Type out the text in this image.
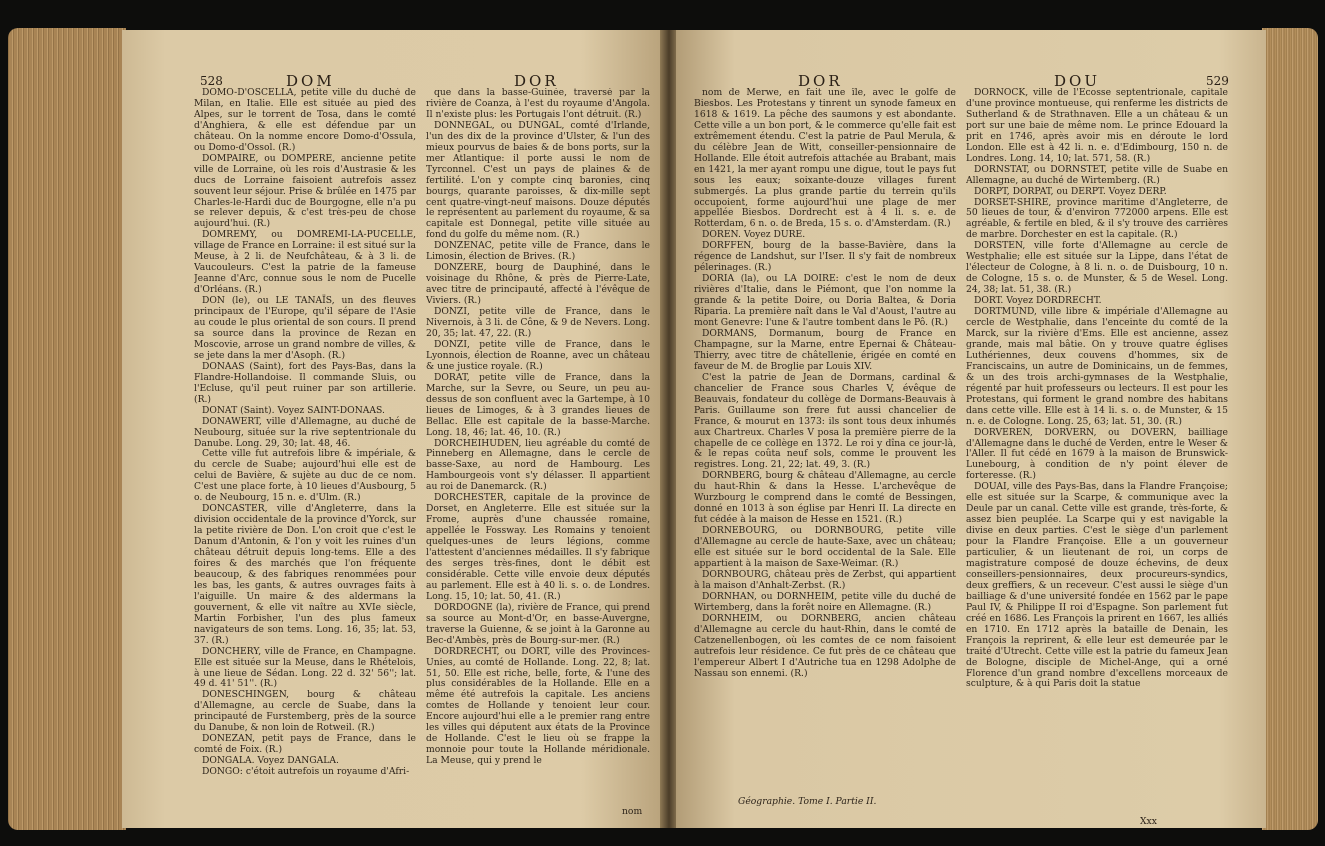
528	DOM	DOR

DOMO-D'OSCELLA, petite ville du duché de Milan, en Italie. Elle est située au pied des Alpes, sur le torrent de Tosa, dans le comté d'Anghiera, & elle est défendue par un château. On la nomme encore Domo-d'Ossula, ou Domo-d'Ossol. (R.)

DOMPAIRE, ou DOMPERE, ancienne petite ville de Lorraine, où les rois d'Austrasie & les ducs de Lorraine faisoient autrefois assez souvent leur séjour. Prise & brûlée en 1475 par Charles-le-Hardi duc de Bourgogne, elle n'a pu se relever depuis, & c'est très-peu de chose aujourd'hui. (R.)

DOMREMY, ou DOMREMI-LA-PUCELLE, village de France en Lorraine: il est situé sur la Meuse, à 2 li. de Neufchâteau, & à 3 li. de Vaucouleurs. C'est la patrie de la fameuse Jeanne d'Arc, connue sous le nom de Pucelle d'Orléans. (R.)

DON (le), ou LE TANAÏS, un des fleuves principaux de l'Europe, qu'il sépare de l'Asie au coude le plus oriental de son cours. Il prend sa source dans la province de Rezan en Moscovie, arrose un grand nombre de villes, & se jete dans la mer d'Asoph. (R.)

DONAAS (Saint), fort des Pays-Bas, dans la Flandre-Hollandoise. Il commande Sluis, ou l'Ecluse, qu'il peut ruiner par son artillerie. (R.)

DONAT (Saint). Voyez SAINT-DONAAS.

DONAWERT, ville d'Allemagne, au duché de Neubourg, située sur la rive septentrionale du Danube. Long. 29, 30; lat. 48, 46.

Cette ville fut autrefois libre & impériale, & du cercle de Suabe; aujourd'hui elle est de celui de Bavière, & sujète au duc de ce nom. C'est une place forte, à 10 lieues d'Ausbourg, 5 o. de Neubourg, 15 n. e. d'Ulm. (R.)

DONCASTER, ville d'Angleterre, dans la division occidentale de la province d'Yorck, sur la petite rivière de Don. L'on croit que c'est le Danum d'Antonin, & l'on y voit les ruines d'un château détruit depuis long-tems. Elle a des foires & des marchés que l'on fréquente beaucoup, & des fabriques renommées pour les bas, les gants, & autres ouvrages faits à l'aiguille. Un maire & des aldermans la gouvernent, & elle vit naître au XVIe siècle, Martin Forbisher, l'un des plus fameux navigateurs de son tems. Long. 16, 35; lat. 53, 37. (R.)

DONCHERY, ville de France, en Champagne. Elle est située sur la Meuse, dans le Rhételois, à une lieue de Sédan. Long. 22 d. 32' 56''; lat. 49 d. 41' 51''. (R.)

DONESCHINGEN, bourg & château d'Allemagne, au cercle de Suabe, dans la principauté de Furstemberg, près de la source du Danube, & non loin de Rotweil. (R.)

DONEZAN, petit pays de France, dans le comté de Foix. (R.)

DONGALA. Voyez DANGALA.

DONGO: c'étoit autrefois un royaume d'Afri-

que dans la basse-Guinée, traversé par la rivière de Coanza, à l'est du royaume d'Angola. Il n'existe plus: les Portugais l'ont détruit. (R.)

DONNEGAL, ou DUNGAL, comté d'Irlande, l'un des dix de la province d'Ulster, & l'un des mieux pourvus de baies & de bons ports, sur la mer Atlantique: il porte aussi le nom de Tyrconnel. C'est un pays de plaines & de fertilité. L'on y compte cinq baronies, cinq bourgs, quarante paroisses, & dix-mille sept cent quatre-vingt-neuf maisons. Douze députés le représentent au parlement du royaume, & sa capitale est Donnegal, petite ville située au fond du golfe du même nom. (R.)

DONZENAC, petite ville de France, dans le Limosin, élection de Brives. (R.)

DONZERE, bourg de Dauphiné, dans le voisinage du Rhône, & près de Pierre-Late, avec titre de principauté, affecté à l'évêque de Viviers. (R.)

DONZI, petite ville de France, dans le Nivernois, à 3 li. de Cône, & 9 de Nevers. Long. 20, 35; lat. 47, 22. (R.)

DONZI, petite ville de France, dans le Lyonnois, élection de Roanne, avec un château & une justice royale. (R.)

DORAT, petite ville de France, dans la Marche, sur la Sevre, ou Seure, un peu au-dessus de son confluent avec la Gartempe, à 10 lieues de Limoges, & à 3 grandes lieues de Bellac. Elle est capitale de la basse-Marche. Long. 18, 46; lat. 46, 10. (R.)

DORCHEIHUDEN, lieu agréable du comté de Pinneberg en Allemagne, dans le cercle de basse-Saxe, au nord de Hambourg. Les Hambourgeois vont s'y délasser. Il appartient au roi de Danemarck. (R.)

DORCHESTER, capitale de la province de Dorset, en Angleterre. Elle est située sur la Frome, auprès d'une chaussée romaine, appellée le Fossway. Les Romains y tenoient quelques-unes de leurs légions, comme l'attestent d'anciennes médailles. Il s'y fabrique des serges très-fines, dont le débit est considérable. Cette ville envoie deux députés au parlement. Elle est à 40 li. s. o. de Londres. Long. 15, 10; lat. 50, 41. (R.)

DORDOGNE (la), rivière de France, qui prend sa source au Mont-d'Or, en basse-Auvergne, traverse la Guienne, & se joint à la Garonne au Bec-d'Ambès, près de Bourg-sur-mer. (R.)

DORDRECHT, ou DORT, ville des Provinces-Unies, au comté de Hollande. Long. 22, 8; lat. 51, 50. Elle est riche, belle, forte, & l'une des plus considérables de la Hollande. Elle en a même été autrefois la capitale. Les anciens comtes de Hollande y tenoient leur cour. Encore aujourd'hui elle a le premier rang entre les villes qui députent aux états de la Province de Hollande. C'est le lieu où se frappe la monnoie pour toute la Hollande méridionale. La Meuse, qui y prend le

nom
DOR	DOU	529

nom de Merwe, en fait une île, avec le golfe de Biesbos. Les Protestans y tinrent un synode fameux en 1618 & 1619. La pêche des saumons y est abondante. Cette ville a un bon port, & le commerce qu'elle fait est extrêmement étendu. C'est la patrie de Paul Merula, & du célèbre Jean de Witt, conseiller-pensionnaire de Hollande. Elle étoit autrefois attachée au Brabant, mais en 1421, la mer ayant rompu une digue, tout le pays fut sous les eaux; soixante-douze villages furent submergés. La plus grande partie du terrein qu'ils occupoient, forme aujourd'hui une plage de mer appellée Biesbos. Dordrecht est à 4 li. s. e. de Rotterdam, 6 n. o. de Breda, 15 s. o. d'Amsterdam. (R.)

DOREN. Voyez DURE.

DORFFEN, bourg de la basse-Bavière, dans la régence de Landshut, sur l'Iser. Il s'y fait de nombreux pélerinages. (R.)

DORIA (la), ou LA DOIRE: c'est le nom de deux rivières d'Italie, dans le Piémont, que l'on nomme la grande & la petite Doire, ou Doria Baltea, & Doria Riparia. La première naît dans le Val d'Aoust, l'autre au mont Genevre: l'une & l'autre tombent dans le Pô. (R.)

DORMANS, Dormanum, bourg de France en Champagne, sur la Marne, entre Epernai & Château-Thierry, avec titre de châtellenie, érigée en comté en faveur de M. de Broglie par Louis XIV.

C'est la patrie de Jean de Dormans, cardinal & chancelier de France sous Charles V, évêque de Beauvais, fondateur du collège de Dormans-Beauvais à Paris. Guillaume son frere fut aussi chancelier de France, & mourut en 1373: ils sont tous deux inhumés aux Chartreux. Charles V posa la première pierre de la chapelle de ce collège en 1372. Le roi y dîna ce jour-là, & le repas coûta neuf sols, comme le prouvent les registres. Long. 21, 22; lat. 49, 3. (R.)

DORNBERG, bourg & château d'Allemagne, au cercle du haut-Rhin & dans la Hesse. L'archevêque de Wurzbourg le comprend dans le comté de Bessingen, donné en 1013 à son église par Henri II. La directe en fut cédée à la maison de Hesse en 1521. (R.)

DORNEBOURG, ou DORNBOURG, petite ville d'Allemagne au cercle de haute-Saxe, avec un château; elle est située sur le bord occidental de la Sale. Elle appartient à la maison de Saxe-Weimar. (R.)

DORNBOURG, château près de Zerbst, qui appartient à la maison d'Anhalt-Zerbst. (R.)

DORNHAN, ou DORNHEIM, petite ville du duché de Wirtemberg, dans la forêt noire en Allemagne. (R.)

DORNHEIM, ou DORNBERG, ancien château d'Allemagne au cercle du haut-Rhin, dans le comté de Catzenellenbogen, où les comtes de ce nom faisoient autrefois leur résidence. Ce fut près de ce château que l'empereur Albert I d'Autriche tua en 1298 Adolphe de Nassau son ennemi. (R.)

DORNOCK, ville de l'Ecosse septentrionale, capitale d'une province montueuse, qui renferme les districts de Sutherland & de Strathnaven. Elle a un château & un port sur une baie de même nom. Le prince Edouard la prit en 1746, après avoir mis en déroute le lord London. Elle est à 42 li. n. e. d'Edimbourg, 150 n. de Londres. Long. 14, 10; lat. 571, 58. (R.)

DORNSTAT, ou DORNSTET, petite ville de Suabe en Allemagne, au duché de Wirtemberg. (R.)

DORPT, DORPAT, ou DERPT. Voyez DERP.

DORSET-SHIRE, province maritime d'Angleterre, de 50 lieues de tour, & d'environ 772000 arpens. Elle est agréable, & fertile en bled, & il s'y trouve des carrières de marbre. Dorchester en est la capitale. (R.)

DORSTEN, ville forte d'Allemagne au cercle de Westphalie; elle est située sur la Lippe, dans l'état de l'électeur de Cologne, à 8 li. n. o. de Duisbourg, 10 n. de Cologne, 15 s. o. de Munster, & 5 de Wesel. Long. 24, 38; lat. 51, 38. (R.)

DORT. Voyez DORDRECHT.

DORTMUND, ville libre & impériale d'Allemagne au cercle de Westphalie, dans l'enceinte du comté de la Marck, sur la rivière d'Ems. Elle est ancienne, assez grande, mais mal bâtie. On y trouve quatre églises Luthériennes, deux couvens d'hommes, six de Franciscains, un autre de Dominicains, un de femmes, & un des trois archi-gymnases de la Westphalie, régenté par huit professeurs ou lecteurs. Il est pour les Protestans, qui forment le grand nombre des habitans dans cette ville. Elle est à 14 li. s. o. de Munster, & 15 n. e. de Cologne. Long. 25, 63; lat. 51, 30. (R.)

DORVEREN, DORVERN, ou DOVERN, bailliage d'Allemagne dans le duché de Verden, entre le Weser & l'Aller. Il fut cédé en 1679 à la maison de Brunswick-Lunebourg, à condition de n'y point élever de forteresse. (R.)

DOUAI, ville des Pays-Bas, dans la Flandre Françoise; elle est située sur la Scarpe, & communique avec la Deule par un canal. Cette ville est grande, très-forte, & assez bien peuplée. La Scarpe qui y est navigable la divise en deux parties. C'est le siège d'un parlement pour la Flandre Françoise. Elle a un gouverneur particulier, & un lieutenant de roi, un corps de magistrature composé de douze échevins, de deux conseillers-pensionnaires, deux procureurs-syndics, deux greffiers, & un receveur. C'est aussi le siège d'un bailliage & d'une université fondée en 1562 par le pape Paul IV, & Philippe II roi d'Espagne. Son parlement fut créé en 1686. Les François la prirent en 1667, les alliés en 1710. En 1712 après la bataille de Denain, les François la reprirent, & elle leur est demeurée par le traité d'Utrecht. Cette ville est la patrie du fameux Jean de Bologne, disciple de Michel-Ange, qui a orné Florence d'un grand nombre d'excellens morceaux de sculpture, & à qui Paris doit la statue

Géographie. Tome I. Partie II.
Xxx
